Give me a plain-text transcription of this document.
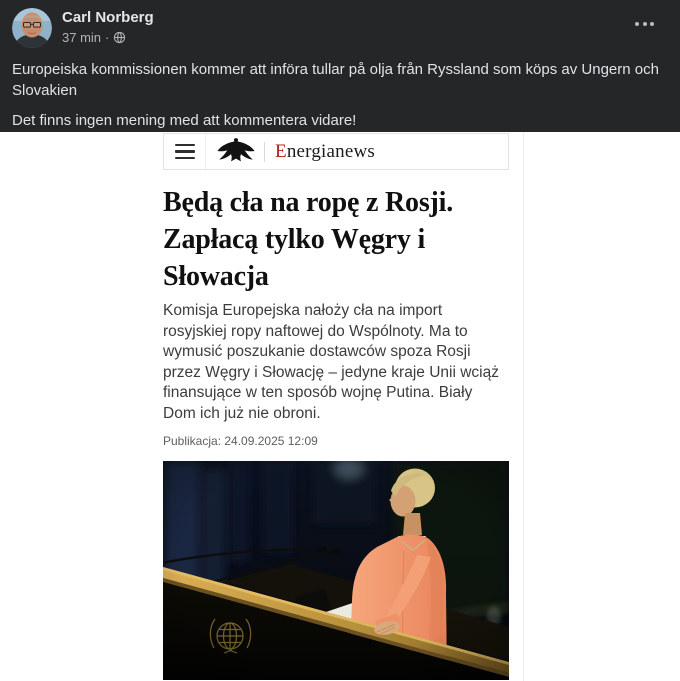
Carl Norberg
37 min ·

Europeiska kommissionen kommer att införa tullar på olja från Ryssland som köps av Ungern och Slovakien

Det finns ingen mening med att kommentera vidare!

Energianews
Będą cła na ropę z Rosji.
Zapłacą tylko Węgry i
Słowacja
Komisja Europejska nałoży cła na import
rosyjskiej ropy naftowej do Wspólnoty. Ma to
wymusić poszukanie dostawców spoza Rosji
przez Węgry i Słowację – jedyne kraje Unii wciąż
finansujące w ten sposób wojnę Putina. Biały
Dom ich już nie obroni.
Publikacja: 24.09.2025 12:09
